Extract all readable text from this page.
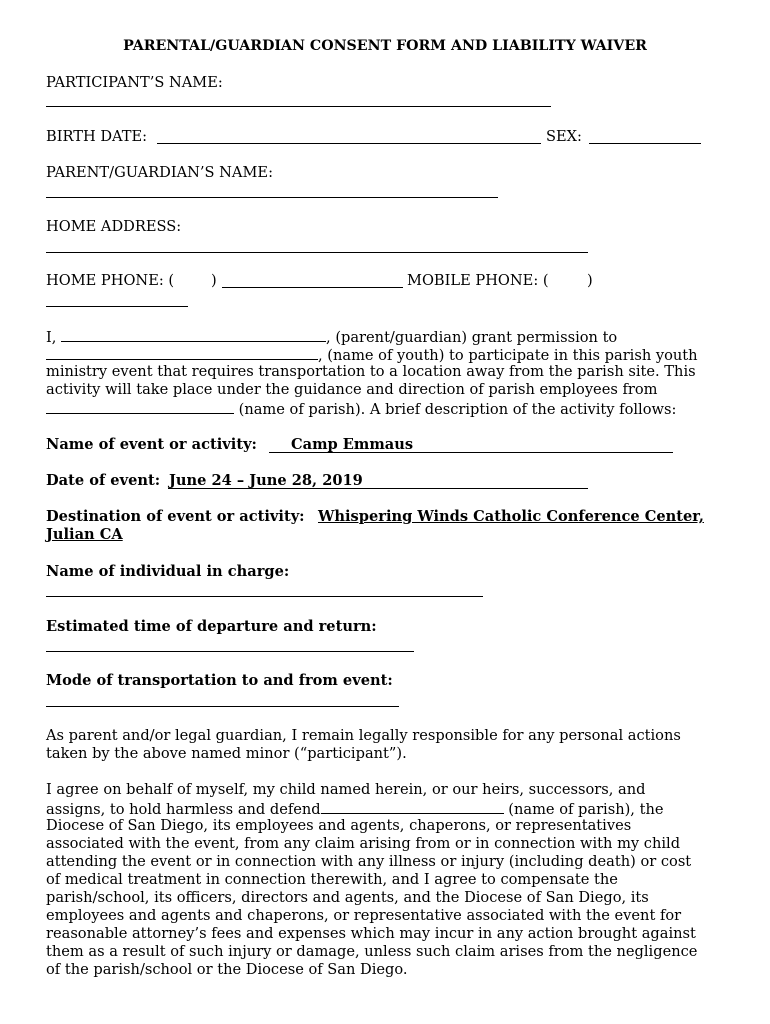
PARENTAL/GUARDIAN CONSENT FORM AND LIABILITY WAIVER
PARTICIPANT’S NAME:
BIRTH DATE:	SEX:
PARENT/GUARDIAN’S NAME:
HOME ADDRESS:
HOME PHONE: (	)	MOBILE PHONE: (	)
I,	, (parent/guardian) grant permission to
, (name of youth) to participate in this parish youth
ministry event that requires transportation to a location away from the parish site. This
activity will take place under the guidance and direction of parish employees from
(name of parish). A brief description of the activity follows:
Name of event or activity: Camp Emmaus
Date of event: June 24 – June 28, 2019
Destination of event or activity: Whispering Winds Catholic Conference Center,
Julian CA
Name of individual in charge:
Estimated time of departure and return:
Mode of transportation to and from event:
As parent and/or legal guardian, I remain legally responsible for any personal actions
taken by the above named minor (“participant”).
I agree on behalf of myself, my child named herein, or our heirs, successors, and
assigns, to hold harmless and defend	(name of parish), the
Diocese of San Diego, its employees and agents, chaperons, or representatives
associated with the event, from any claim arising from or in connection with my child
attending the event or in connection with any illness or injury (including death) or cost
of medical treatment in connection therewith, and I agree to compensate the
parish/school, its officers, directors and agents, and the Diocese of San Diego, its
employees and agents and chaperons, or representative associated with the event for
reasonable attorney’s fees and expenses which may incur in any action brought against
them as a result of such injury or damage, unless such claim arises from the negligence
of the parish/school or the Diocese of San Diego.
